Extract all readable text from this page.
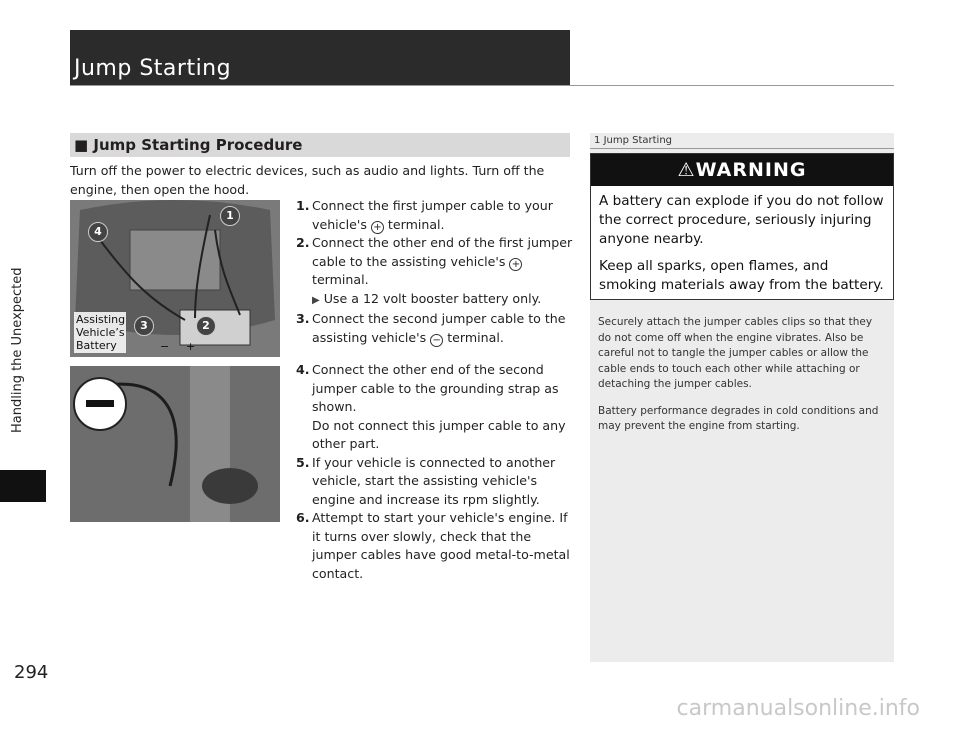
Handling the Unexpected
Jump Starting
■ Jump Starting Procedure
Turn off the power to electric devices, such as audio and lights. Turn off the engine, then open the hood.
1
2
3
4
Assisting Vehicle’s Battery	− +
1. Connect the first jumper cable to your vehicle's + terminal.
2. Connect the other end of the first jumper cable to the assisting vehicle's + terminal.
▶ Use a 12 volt booster battery only.
3. Connect the second jumper cable to the assisting vehicle's − terminal.
4. Connect the other end of the second jumper cable to the grounding strap as shown.
Do not connect this jumper cable to any other part.
5. If your vehicle is connected to another vehicle, start the assisting vehicle's engine and increase its rpm slightly.
6. Attempt to start your vehicle's engine. If it turns over slowly, check that the jumper cables have good metal-to-metal contact.
1 Jump Starting
⚠WARNING

A battery can explode if you do not follow the correct procedure, seriously injuring anyone nearby.

Keep all sparks, open flames, and smoking materials away from the battery.

Securely attach the jumper cables clips so that they do not come off when the engine vibrates. Also be careful not to tangle the jumper cables or allow the cable ends to touch each other while attaching or detaching the jumper cables.

Battery performance degrades in cold conditions and may prevent the engine from starting.

294
carmanualsonline.info
